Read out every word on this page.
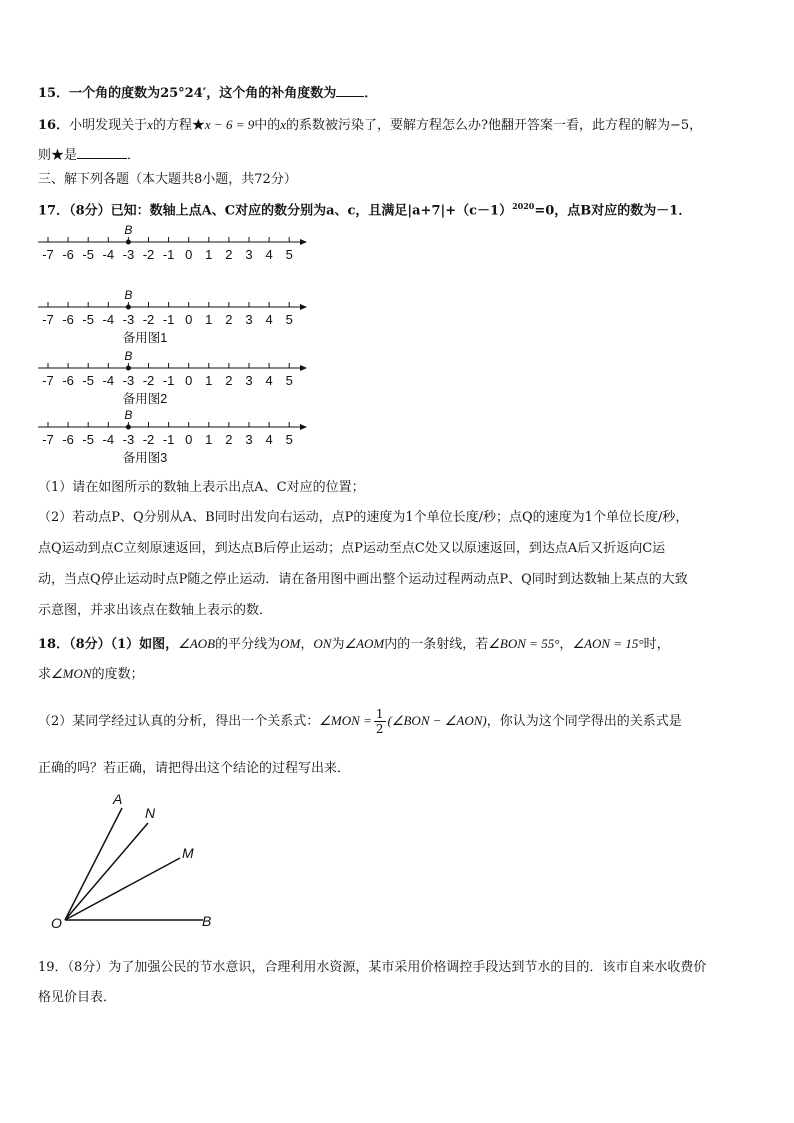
15．一个角的度数为25°24′，这个角的补角度数为 ．
16．小明发现关于x的方程★x − 6 = 9中的x的系数被污染了，要解方程怎么办?他翻开答案一看，此方程的解为−5，
则★是	．
三、解下列各题（本大题共8小题，共72分）
17．（8分）已知：数轴上点A、C对应的数分别为a、c，且满足$|a+7|+(c-1)^{2020}=0$，点B对应的数为－1．
-7 -6 -5 -4 -3 -2 -1 0 1 2 3 4 5
B
-7 -6 -5 -4 -3 -2 -1 0 1 2 3 4 5
B
备用图1
-7 -6 -5 -4 -3 -2 -1 0 1 2 3 4 5
B
备用图2
-7 -6 -5 -4 -3 -2 -1 0 1 2 3 4 5
B
备用图3
（1）请在如图所示的数轴上表示出点A、C对应的位置；
（2）若动点P、Q分别从A、B同时出发向右运动，点P的速度为1个单位长度/秒；点Q的速度为1个单位长度/秒，
点Q运动到点C立刻原速返回，到达点B后停止运动；点P运动至点C处又以原速返回，到达点A后又折返向C运
动，当点Q停止运动时点P随之停止运动．请在备用图中画出整个运动过程两动点P、Q同时到达数轴上某点的大致
示意图，并求出该点在数轴上表示的数．
18．（8分）（1）如图，∠AOB的平分线为OM，ON为∠AOM内的一条射线，若∠BON = 55°，∠AON = 15°时，
求∠MON的度数；
（2）某同学经过认真的分析，得出一个关系式：∠MON = $\frac{1}{2}$ (∠BON − ∠AON)，你认为这个同学得出的关系式是
正确的吗？若正确，请把得出这个结论的过程写出来．
A
N
M
O	B
19．（8分）为了加强公民的节水意识，合理利用水资源，某市采用价格调控手段达到节水的目的．该市自来水收费价
格见价目表．
